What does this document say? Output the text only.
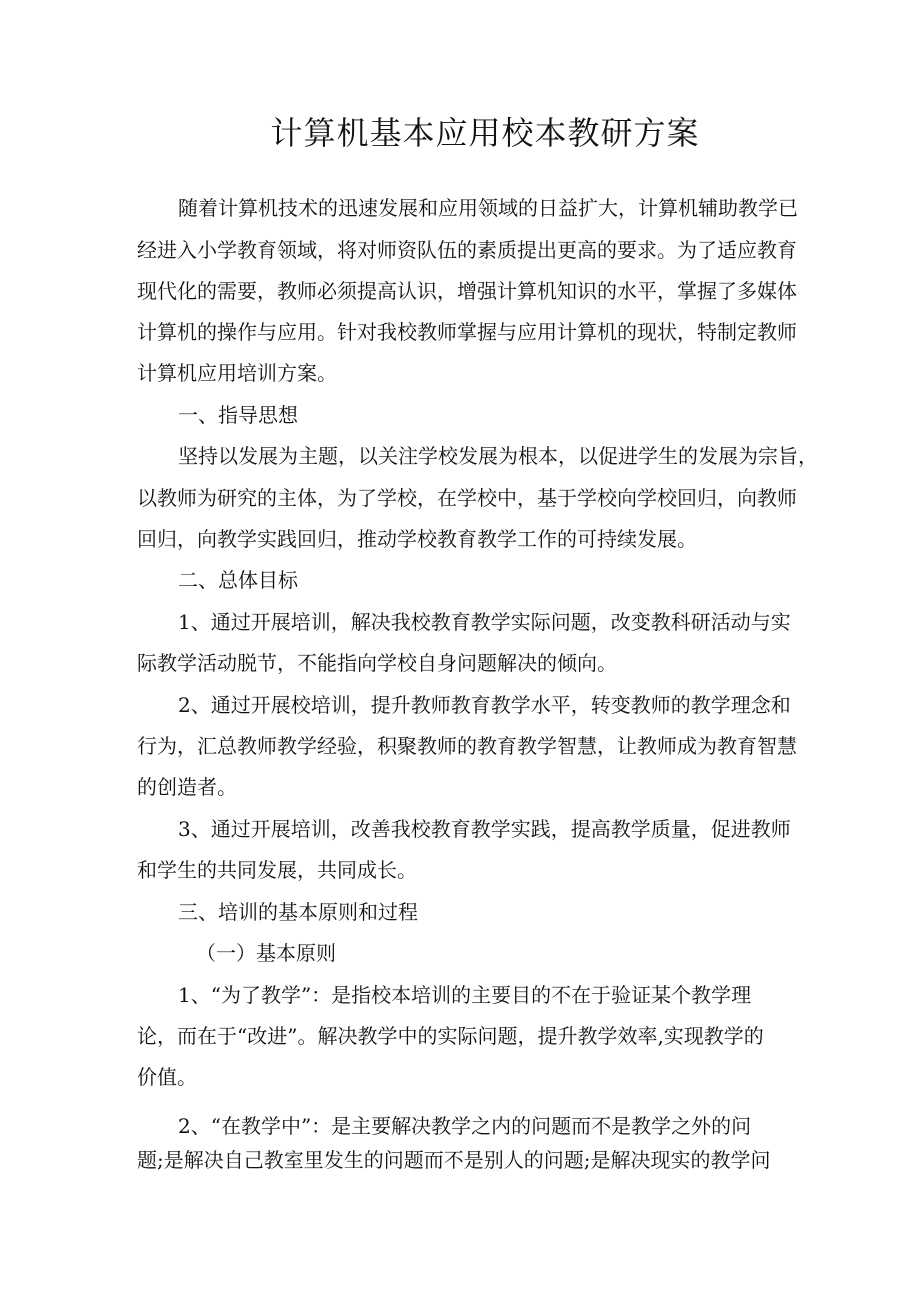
计算机基本应用校本教研方案
随着计算机技术的迅速发展和应用领域的日益扩大，计算机辅助教学已
经进入小学教育领域，将对师资队伍的素质提出更高的要求。为了适应教育
现代化的需要，教师必须提高认识，增强计算机知识的水平，掌握了多媒体
计算机的操作与应用。针对我校教师掌握与应用计算机的现状，特制定教师
计算机应用培训方案。
一、指导思想
坚持以发展为主题，以关注学校发展为根本，以促进学生的发展为宗旨，
以教师为研究的主体，为了学校，在学校中，基于学校向学校回归，向教师
回归，向教学实践回归，推动学校教育教学工作的可持续发展。
二、总体目标
1、通过开展培训，解决我校教育教学实际问题，改变教科研活动与实
际教学活动脱节，不能指向学校自身问题解决的倾向。
2、通过开展校培训，提升教师教育教学水平，转变教师的教学理念和
行为，汇总教师教学经验，积聚教师的教育教学智慧，让教师成为教育智慧
的创造者。
3、通过开展培训，改善我校教育教学实践，提高教学质量，促进教师
和学生的共同发展，共同成长。
三、培训的基本原则和过程
（一）基本原则
1、“为了教学”：是指校本培训的主要目的不在于验证某个教学理
论，而在于“改进”。解决教学中的实际问题，提升教学效率,实现教学的
价值。
2、“在教学中”：是主要解决教学之内的问题而不是教学之外的问
题;是解决自己教室里发生的问题而不是别人的问题;是解决现实的教学问
